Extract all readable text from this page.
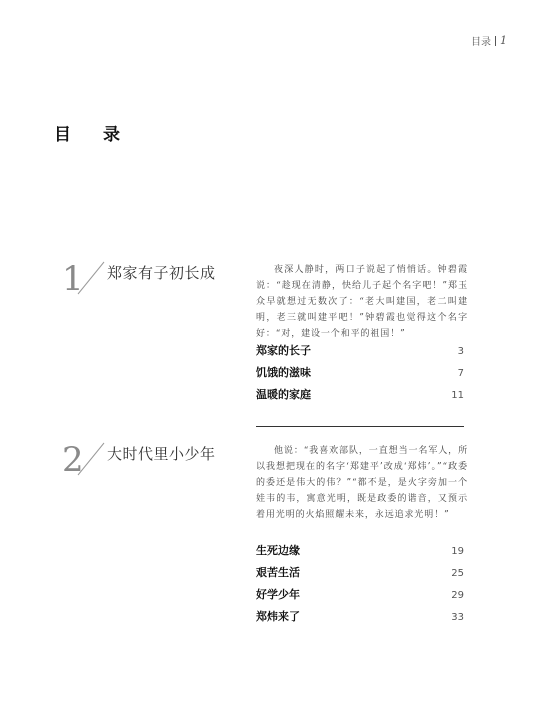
目录 1
目 录
1 郑家有子初长成	夜深人静时，两口子说起了悄悄话。钟碧霞说：“趁现在清静，快给儿子起个名字吧！”郑玉众早就想过无数次了：“老大叫建国，老二叫建明，老三就叫建平吧！”钟碧霞也觉得这个名字好：“对，建设一个和平的祖国！”

郑家的长子	3
饥饿的滋味	7
温暖的家庭	11
2 大时代里小少年	他说：“我喜欢部队，一直想当一名军人，所以我想把现在的名字‘郑建平’改成‘郑炜’。”“政委的委还是伟大的伟？”“都不是，是火字旁加一个娃韦的韦，寓意光明，既是政委的谐音，又预示着用光明的火焰照耀未来，永远追求光明！”

生死边缘	19
艰苦生活	25
好学少年	29
郑炜来了	33
